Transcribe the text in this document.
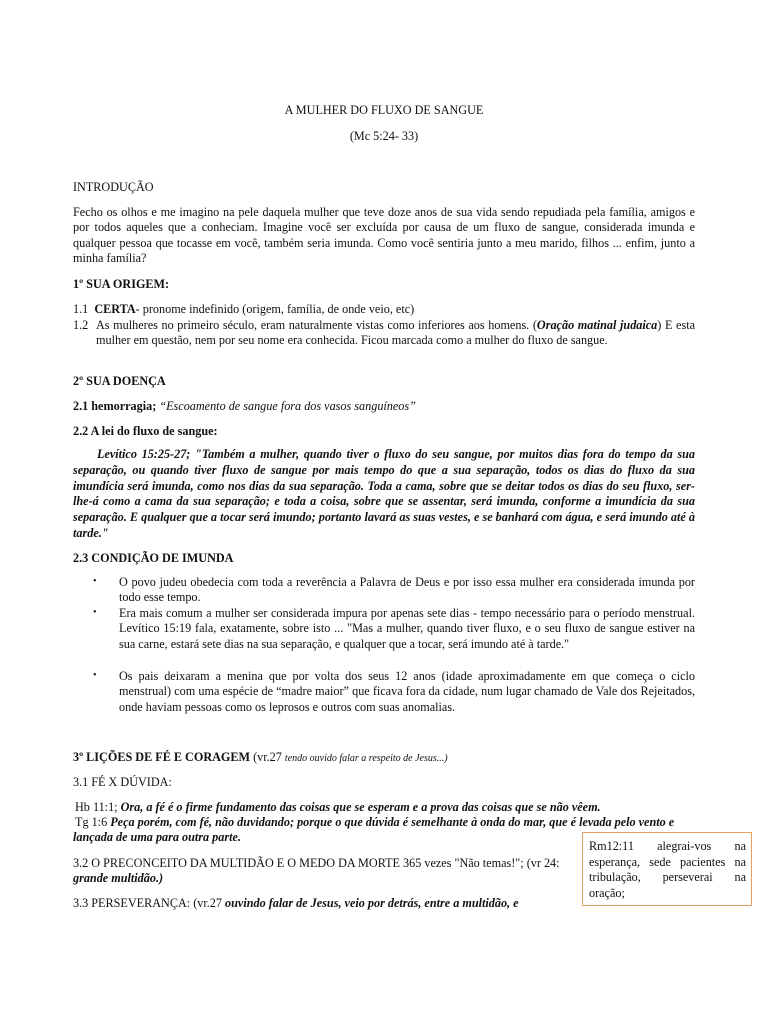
A MULHER DO FLUXO DE SANGUE
(Mc 5:24- 33)
INTRODUÇÃO
Fecho os olhos e me imagino na pele daquela mulher que teve doze anos de sua vida sendo repudiada pela família, amigos e por todos aqueles que a conheciam. Imagine você ser excluída por causa de um fluxo de sangue, considerada imunda e qualquer pessoa que tocasse em você, também seria imunda. Como você sentiria junto a meu marido, filhos ... enfim, junto a minha família?
1º SUA ORIGEM:
1.1 CERTA- pronome indefinido (origem, família, de onde veio, etc)
1.2 As mulheres no primeiro século, eram naturalmente vistas como inferiores aos homens. (Oração matinal judaica) E esta mulher em questão, nem por seu nome era conhecida. Ficou marcada como a mulher do fluxo de sangue.
2º SUA DOENÇA
2.1 hemorragia; “Escoamento de sangue fora dos vasos sanguíneos”
2.2 A lei do fluxo de sangue:
Levítico 15:25-27; "Também a mulher, quando tiver o fluxo do seu sangue, por muitos dias fora do tempo da sua separação, ou quando tiver fluxo de sangue por mais tempo do que a sua separação, todos os dias do fluxo da sua imundícia será imunda, como nos dias da sua separação. Toda a cama, sobre que se deitar todos os dias do seu fluxo, ser-lhe-á como a cama da sua separação; e toda a coisa, sobre que se assentar, será imunda, conforme a imundícia da sua separação. E qualquer que a tocar será imundo; portanto lavará as suas vestes, e se banhará com água, e será imundo até à tarde."
2.3 CONDIÇÃO DE IMUNDA
• O povo judeu obedecia com toda a reverência a Palavra de Deus e por isso essa mulher era considerada imunda por todo esse tempo.
• Era mais comum a mulher ser considerada impura por apenas sete dias - tempo necessário para o período menstrual. Levítico 15:19 fala, exatamente, sobre isto ... "Mas a mulher, quando tiver fluxo, e o seu fluxo de sangue estiver na sua carne, estará sete dias na sua separação, e qualquer que a tocar, será imundo até à tarde."
• Os pais deixaram a menina que por volta dos seus 12 anos (idade aproximadamente em que começa o ciclo menstrual) com uma espécie de “madre maior” que ficava fora da cidade, num lugar chamado de Vale dos Rejeitados, onde haviam pessoas como os leprosos e outros com suas anomalias.
3º LIÇÕES DE FÉ E CORAGEM (vr.27 tendo ouvido falar a respeito de Jesus...)
3.1 FÉ X DÚVIDA:
Hb 11:1; Ora, a fé é o firme fundamento das coisas que se esperam e a prova das coisas que se não vêem.
Tg 1:6 Peça porém, com fé, não duvidando; porque o que dúvida é semelhante à onda do mar, que é levada pelo vento e lançada de uma para outra parte.
3.2 O PRECONCEITO DA MULTIDÃO E O MEDO DA MORTE 365 vezes "Não temas!"; (vr 24: grande multidão.)
3.3 PERSEVERANÇA: (vr.27 ouvindo falar de Jesus, veio por detrás, entre a multidão, e
Rm12:11 alegrai-vos na esperança, sede pacientes na tribulação, perseverai na oração;
